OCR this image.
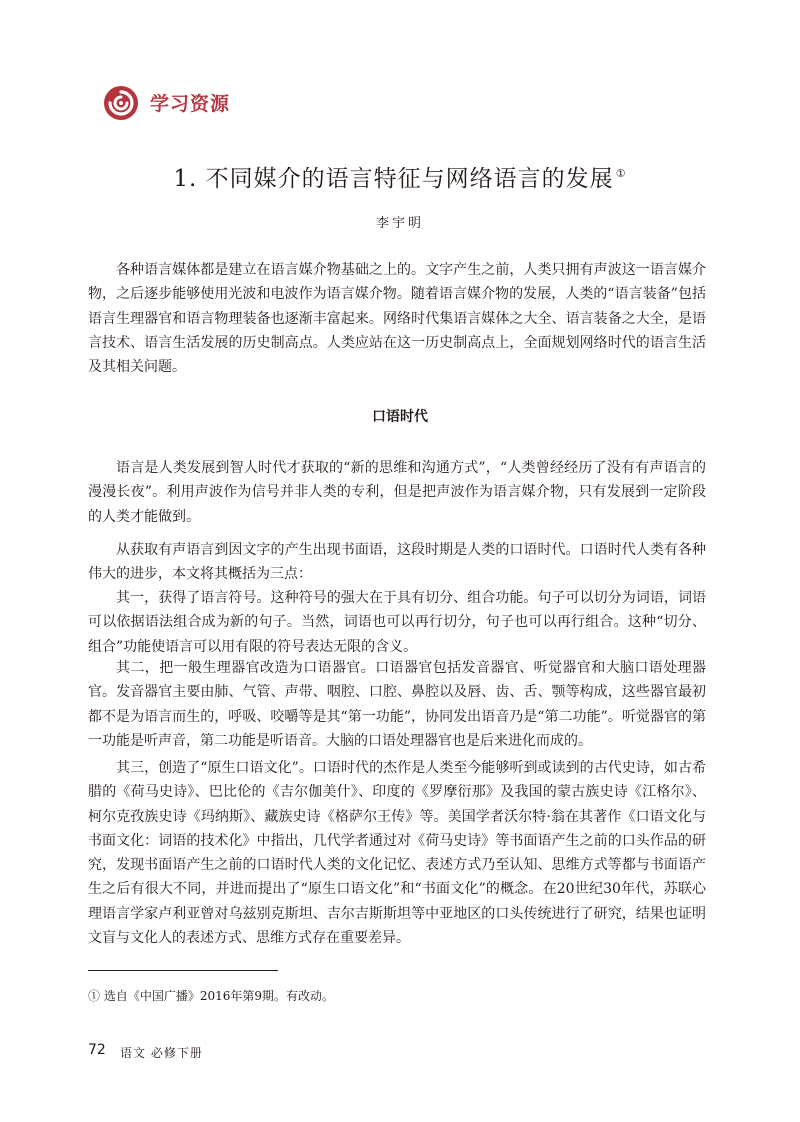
学习资源
1. 不同媒介的语言特征与网络语言的发展 ①
李宇明

各种语言媒体都是建立在语言媒介物基础之上的。文字产生之前，人类只拥有声波这一语言媒介物，之后逐步能够使用光波和电波作为语言媒介物。随着语言媒介物的发展，人类的“语言装备”包括语言生理器官和语言物理装备也逐渐丰富起来。网络时代集语言媒体之大全、语言装备之大全，是语言技术、语言生活发展的历史制高点。人类应站在这一历史制高点上，全面规划网络时代的语言生活及其相关问题。

口语时代

语言是人类发展到智人时代才获取的“新的思维和沟通方式”，“人类曾经经历了没有有声语言的漫漫长夜”。利用声波作为信号并非人类的专利，但是把声波作为语言媒介物，只有发展到一定阶段的人类才能做到。

从获取有声语言到因文字的产生出现书面语，这段时期是人类的口语时代。口语时代人类有各种伟大的进步，本文将其概括为三点：

其一，获得了语言符号。这种符号的强大在于具有切分、组合功能。句子可以切分为词语，词语可以依据语法组合成为新的句子。当然，词语也可以再行切分，句子也可以再行组合。这种“切分、组合”功能使语言可以用有限的符号表达无限的含义。

其二，把一般生理器官改造为口语器官。口语器官包括发音器官、听觉器官和大脑口语处理器官。发音器官主要由肺、气管、声带、咽腔、口腔、鼻腔以及唇、齿、舌、颚等构成，这些器官最初都不是为语言而生的，呼吸、咬嚼等是其“第一功能”，协同发出语音乃是“第二功能”。听觉器官的第一功能是听声音，第二功能是听语音。大脑的口语处理器官也是后来进化而成的。

其三，创造了“原生口语文化”。口语时代的杰作是人类至今能够听到或读到的古代史诗，如古希腊的《荷马史诗》、巴比伦的《吉尔伽美什》、印度的《罗摩衍那》及我国的蒙古族史诗《江格尔》、柯尔克孜族史诗《玛纳斯》、藏族史诗《格萨尔王传》等。美国学者沃尔特·翁在其著作《口语文化与书面文化：词语的技术化》中指出，几代学者通过对《荷马史诗》等书面语产生之前的口头作品的研究，发现书面语产生之前的口语时代人类的文化记忆、表述方式乃至认知、思维方式等都与书面语产生之后有很大不同，并进而提出了“原生口语文化”和“书面文化”的概念。在20世纪30年代，苏联心理语言学家卢利亚曾对乌兹别克斯坦、吉尔吉斯斯坦等中亚地区的口头传统进行了研究，结果也证明文盲与文化人的表述方式、思维方式存在重要差异。

① 选自《中国广播》2016年第9期。有改动。
72 语文 必修下册
